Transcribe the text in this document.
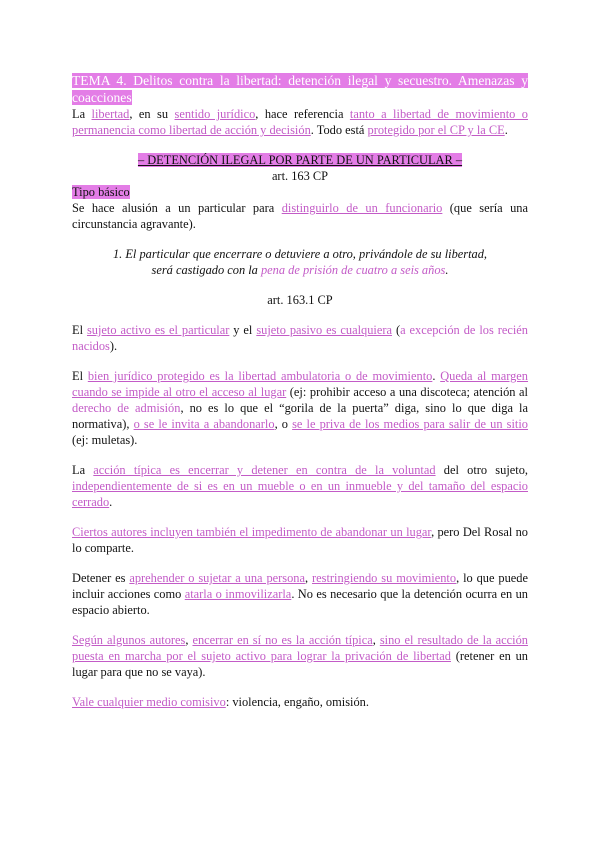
TEMA 4. Delitos contra la libertad: detención ilegal y secuestro. Amenazas y coacciones

La libertad, en su sentido jurídico, hace referencia tanto a libertad de movimiento o permanencia como libertad de acción y decisión. Todo está protegido por el CP y la CE.

– DETENCIÓN ILEGAL POR PARTE DE UN PARTICULAR –

art. 163 CP

Tipo básico

Se hace alusión a un particular para distinguirlo de un funcionario (que sería una circunstancia agravante).

1. El particular que encerrare o detuviere a otro, privándole de su libertad,

será castigado con la pena de prisión de cuatro a seis años.

art. 163.1 CP

El sujeto activo es el particular y el sujeto pasivo es cualquiera (a excepción de los recién nacidos).

El bien jurídico protegido es la libertad ambulatoria o de movimiento. Queda al margen cuando se impide al otro el acceso al lugar (ej: prohibir acceso a una discoteca; atención al derecho de admisión, no es lo que el “gorila de la puerta” diga, sino lo que diga la normativa), o se le invita a abandonarlo, o se le priva de los medios para salir de un sitio (ej: muletas).

La acción típica es encerrar y detener en contra de la voluntad del otro sujeto, independientemente de si es en un mueble o en un inmueble y del tamaño del espacio cerrado.

Ciertos autores incluyen también el impedimento de abandonar un lugar, pero Del Rosal no lo comparte.

Detener es aprehender o sujetar a una persona, restringiendo su movimiento, lo que puede incluir acciones como atarla o inmovilizarla. No es necesario que la detención ocurra en un espacio abierto.

Según algunos autores, encerrar en sí no es la acción típica, sino el resultado de la acción puesta en marcha por el sujeto activo para lograr la privación de libertad (retener en un lugar para que no se vaya).

Vale cualquier medio comisivo: violencia, engaño, omisión.
